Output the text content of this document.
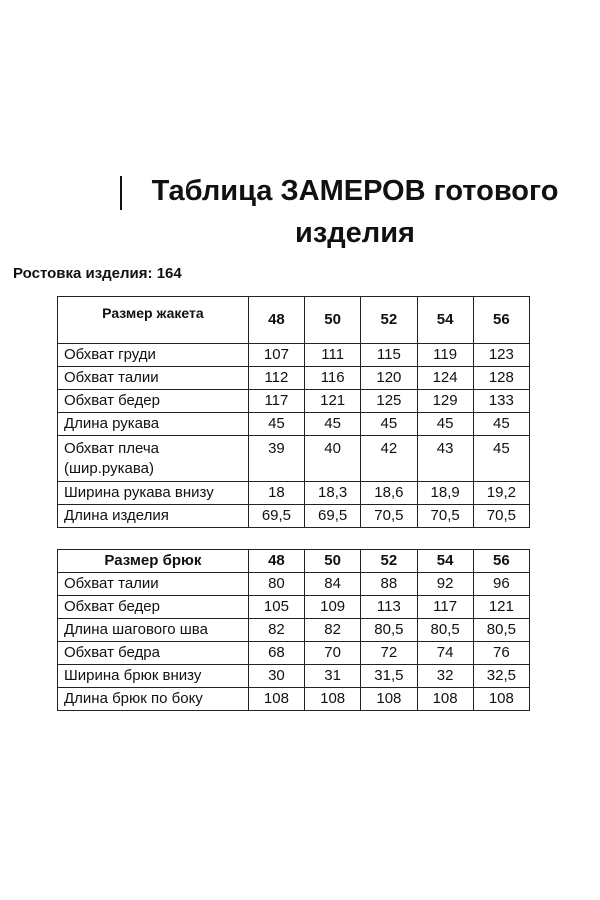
Таблица ЗАМЕРОВ готового
изделия
Ростовка изделия: 164
Размер жакета	48	50	52	54	56
Обхват груди	107	111	115	119	123
Обхват талии	112	116	120	124	128
Обхват бедер	117	121	125	129	133
Длина рукава	45	45	45	45	45

Обхват плеча
(шир.рукава)	39	40	42	43	45
Ширина рукава внизу	18	18,3	18,6	18,9	19,2
Длина изделия	69,5	69,5	70,5	70,5	70,5
Размер брюк	48	50	52	54	56
Обхват талии	80	84	88	92	96
Обхват бедер	105	109	113	117	121
Длина шагового шва	82	82	80,5	80,5	80,5
Обхват бедра	68	70	72	74	76
Ширина брюк внизу	30	31	31,5	32	32,5
Длина брюк по боку	108	108	108	108	108
